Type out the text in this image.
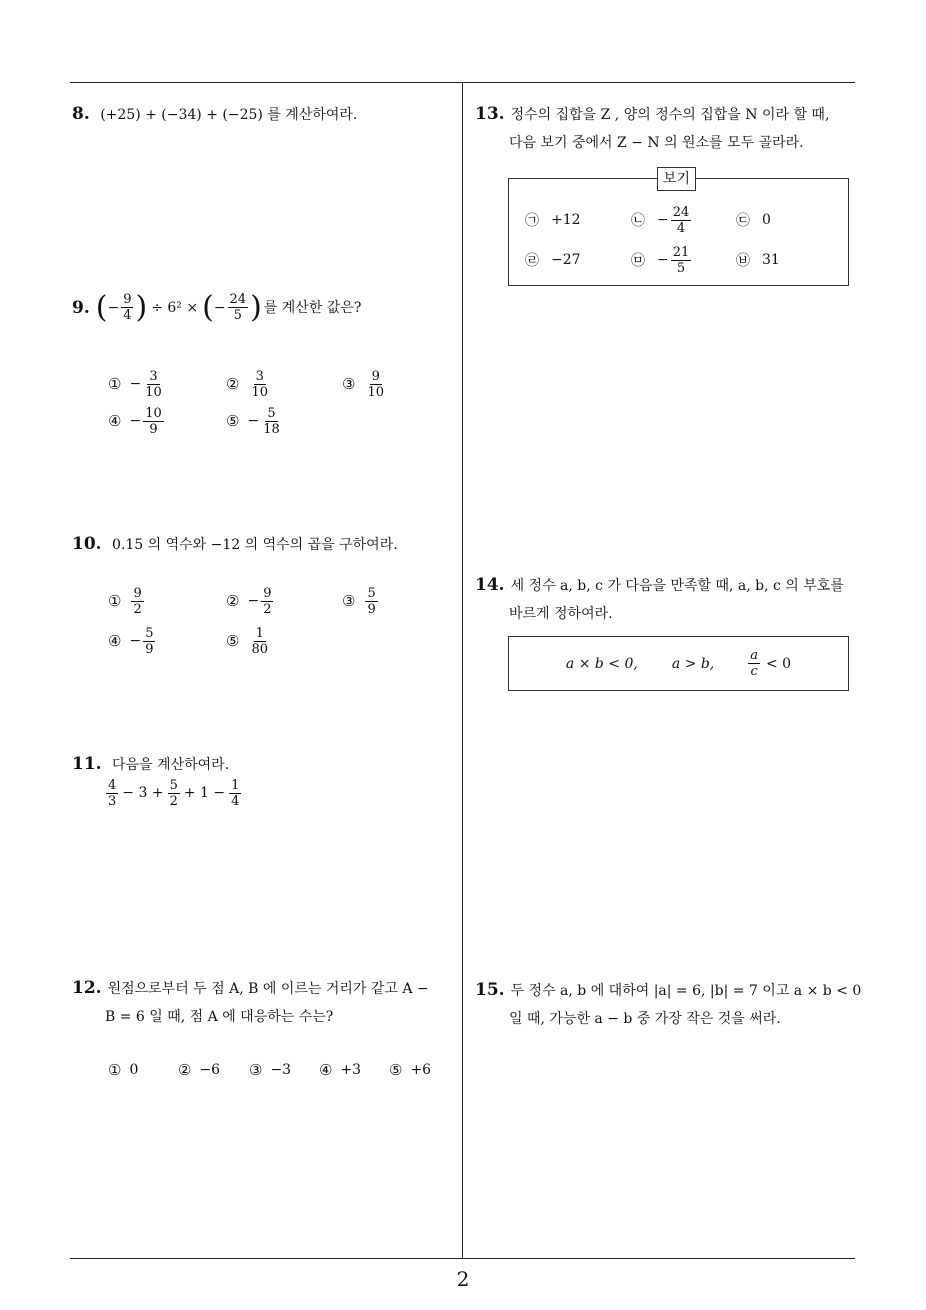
2
8. (+25) + (−34) + (−25) 를 계산하여라.
9. ( − $\frac{9}{4}$ ) ÷ 6² × ( − $\frac{24}{5}$ ) 를 계산한 값은?
① − $\frac{3}{10}$	② $\frac{3}{10}$	③ $\frac{9}{10}$
④ − $\frac{10}{9}$	⑤ − $\frac{5}{18}$
10. 0.15 의 역수와 −12 의 역수의 곱을 구하여라.
① $\frac{9}{2}$	② − $\frac{9}{2}$	③ $\frac{5}{9}$
④ − $\frac{5}{9}$	⑤ $\frac{1}{80}$
11. 다음을 계산하여라.
$\frac{4}{3} - 3 + \frac{5}{2} + 1 - \frac{1}{4}$
12. 원점으로부터 두 점 A, B 에 이르는 거리가 같고 A −
B = 6 일 때, 점 A 에 대응하는 수는?
① 0	② −6 ③ −3 ④ +3 ⑤ +6
13. 정수의 집합을 Z , 양의 정수의 집합을 N 이라 할 때,
다음 보기 중에서 Z − N 의 원소를 모두 골라라.
보기
㉠ +12	㉡ − $\frac{24}{4}$	㉢ 0
㉣ −27	㉤ − $\frac{21}{5}$	㉥ 31
14. 세 정수 a, b, c 가 다음을 만족할 때, a, b, c 의 부호를
바르게 정하여라.
a × b < 0, a > b,	$\frac{a}{c} < 0$
15. 두 정수 a, b 에 대하여 |a| = 6, |b| = 7 이고 a × b < 0
일 때, 가능한 a − b 중 가장 작은 것을 써라.
